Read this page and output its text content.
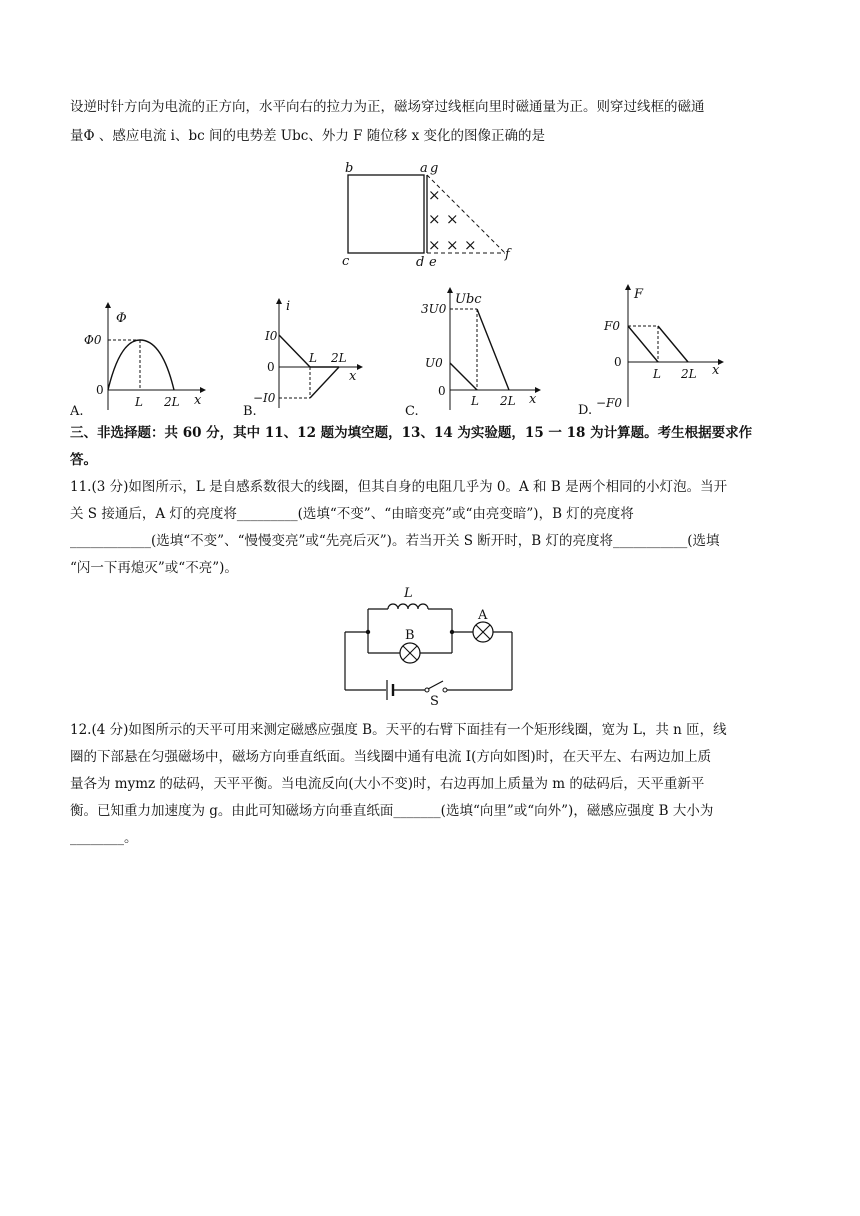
设逆时针方向为电流的正方向，水平向右的拉力为正，磁场穿过线框向里时磁通量为正。则穿过线框的磁通
量Φ 、感应电流 i、bc 间的电势差 Ubc、外力 F 随位移 x 变化的图像正确的是
b	a g
c	d e
f
×
× ×
× × ×
Φ
Φ0
0
L 2L x
A.
i
I0
0
−I0
L 2L
x
B.
Ubc
3U0
U0
0
L 2L x
C.
F
F0
0
−F0
L 2L x
D.
三、非选择题：共 60 分，其中 11、12 题为填空题，13、14 为实验题，15 一 18 为计算题。考生根据要求作
答。
11.(3 分)如图所示，L 是自感系数很大的线圈，但其自身的电阻几乎为 0。A 和 B 是两个相同的小灯泡。当开
关 S 接通后，A 灯的亮度将_________(选填“不变”、“由暗变亮”或“由亮变暗”)，B 灯的亮度将
____________(选填“不变”、“慢慢变亮”或“先亮后灭”)。若当开关 S 断开时，B 灯的亮度将___________(选填
“闪一下再熄灭”或“不亮”)。
S
L
B
A
12.(4 分)如图所示的天平可用来测定磁感应强度 B。天平的右臂下面挂有一个矩形线圈，宽为 L，共 n 匝，线
圈的下部悬在匀强磁场中，磁场方向垂直纸面。当线圈中通有电流 I(方向如图)时，在天平左、右两边加上质
量各为 mymz 的砝码，天平平衡。当电流反向(大小不变)时，右边再加上质量为 m 的砝码后，天平重新平
衡。已知重力加速度为 g。由此可知磁场方向垂直纸面_______(选填“向里”或“向外”)，磁感应强度 B 大小为
________。
